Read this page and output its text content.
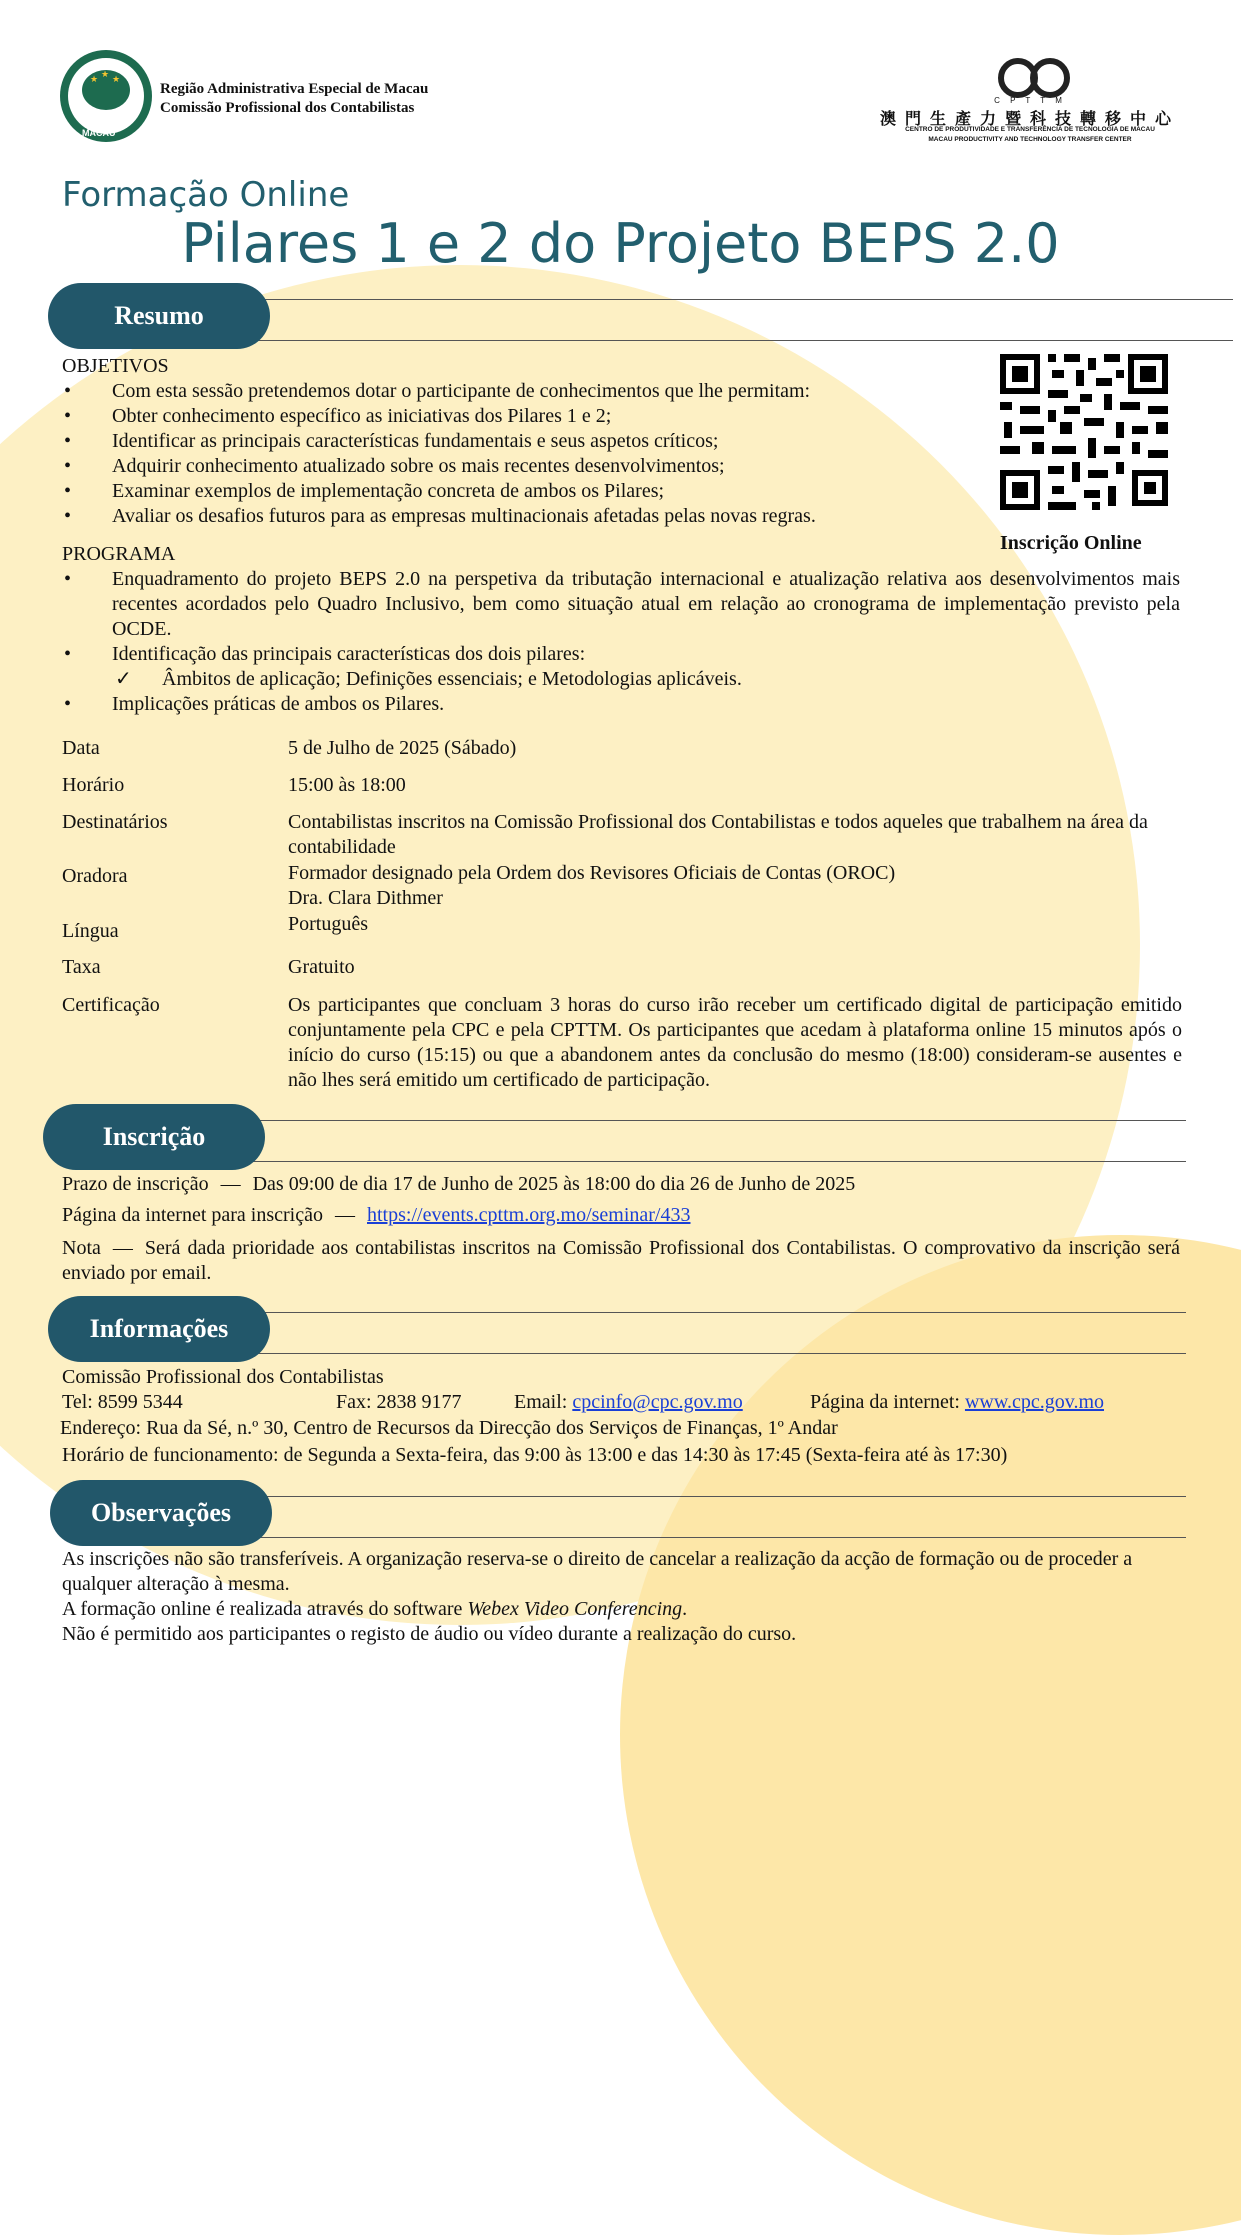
★ ★ ★
MACAU
Região Administrativa Especial de Macau
Comissão Profissional dos Contabilistas	C P T T M
澳門生產力暨科技轉移中心
CENTRO DE PRODUTIVIDADE E TRANSFERÊNCIA DE TECNOLOGIA DE MACAU
MACAU PRODUCTIVITY AND TECHNOLOGY TRANSFER CENTER
Formação Online
Pilares 1 e 2 do Projeto BEPS 2.0
Resumo
OBJETIVOS
• Com esta sessão pretendemos dotar o participante de conhecimentos que lhe permitam:
• Obter conhecimento específico as iniciativas dos Pilares 1 e 2;
• Identificar as principais características fundamentais e seus aspetos críticos;
• Adquirir conhecimento atualizado sobre os mais recentes desenvolvimentos;
• Examinar exemplos de implementação concreta de ambos os Pilares;
• Avaliar os desafios futuros para as empresas multinacionais afetadas pelas novas regras.
Inscrição Online
PROGRAMA
• Enquadramento do projeto BEPS 2.0 na perspetiva da tributação internacional e atualização relativa aos desenvolvimentos mais recentes acordados pelo Quadro Inclusivo, bem como situação atual em relação ao cronograma de implementação previsto pela OCDE.
• Identificação das principais características dos dois pilares:
✓ Âmbitos de aplicação; Definições essenciais; e Metodologias aplicáveis.
• Implicações práticas de ambos os Pilares.
Data	5 de Julho de 2025 (Sábado)
Horário	15:00 às 18:00
Destinatários	Contabilistas inscritos na Comissão Profissional dos Contabilistas e todos aqueles que trabalhem na área da contabilidade
Oradora	Formador designado pela Ordem dos Revisores Oficiais de Contas (OROC)
Dra. Clara Dithmer
Língua	Português
Taxa	Gratuito
Certificação	Os participantes que concluam 3 horas do curso irão receber um certificado digital de participação emitido conjuntamente pela CPC e pela CPTTM. Os participantes que acedam à plataforma online 15 minutos após o início do curso (15:15) ou que a abandonem antes da conclusão do mesmo (18:00) consideram-se ausentes e não lhes será emitido um certificado de participação.
Inscrição
Prazo de inscrição — Das 09:00 de dia 17 de Junho de 2025 às 18:00 do dia 26 de Junho de 2025
Página da internet para inscrição — https://events.cpttm.org.mo/seminar/433
Nota — Será dada prioridade aos contabilistas inscritos na Comissão Profissional dos Contabilistas. O comprovativo da inscrição será enviado por email.
Informações
Comissão Profissional dos Contabilistas
Tel: 8599 5344	Fax: 2838 9177	Email: cpcinfo@cpc.gov.mo	Página da internet: www.cpc.gov.mo
Endereço: Rua da Sé, n.º 30, Centro de Recursos da Direcção dos Serviços de Finanças, 1º Andar
Horário de funcionamento: de Segunda a Sexta-feira, das 9:00 às 13:00 e das 14:30 às 17:45 (Sexta-feira até às 17:30)
Observações
As inscrições não são transferíveis. A organização reserva-se o direito de cancelar a realização da acção de formação ou de proceder a qualquer alteração à mesma.
A formação online é realizada através do software Webex Video Conferencing.
Não é permitido aos participantes o registo de áudio ou vídeo durante a realização do curso.
